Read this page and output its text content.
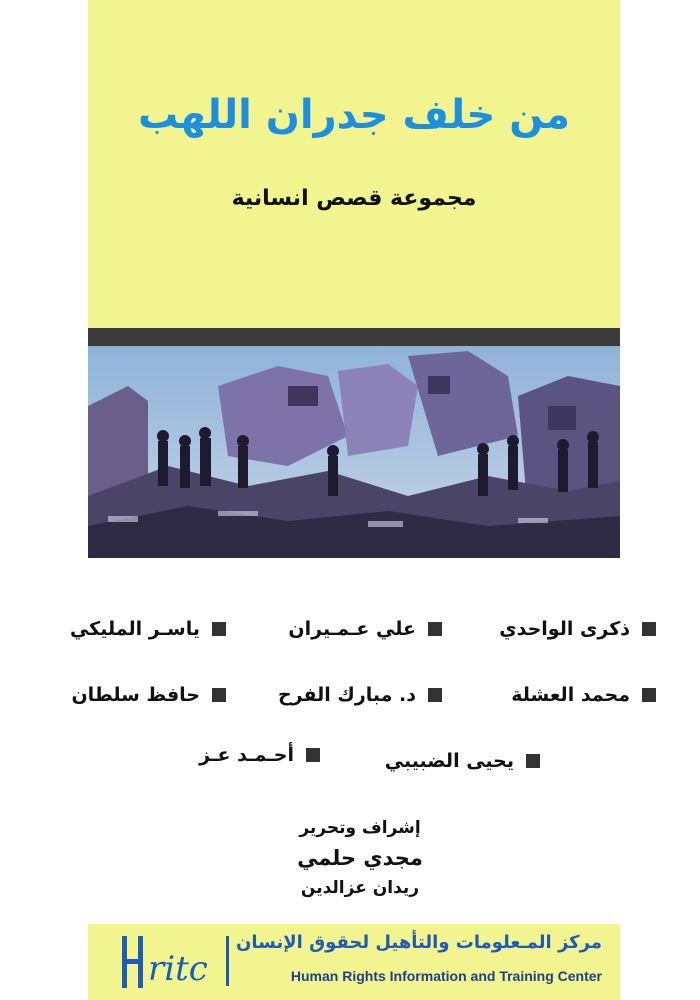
من خلف جدران اللهب
مجموعة قصص انسانية
ذكرى الواحدي
علي عـمـيران
ياسـر المليكي
محمد العشلة
د. مبارك الفرح
حافظ سلطان
يحيى الضبيبي
أحـمـد عـز
إشراف وتحرير
مجدي حلمي
ريدان عزالدين
ritc
مركز المـعلومات والتأهيل لحقوق الإنسان
Human Rights Information and Training Center
